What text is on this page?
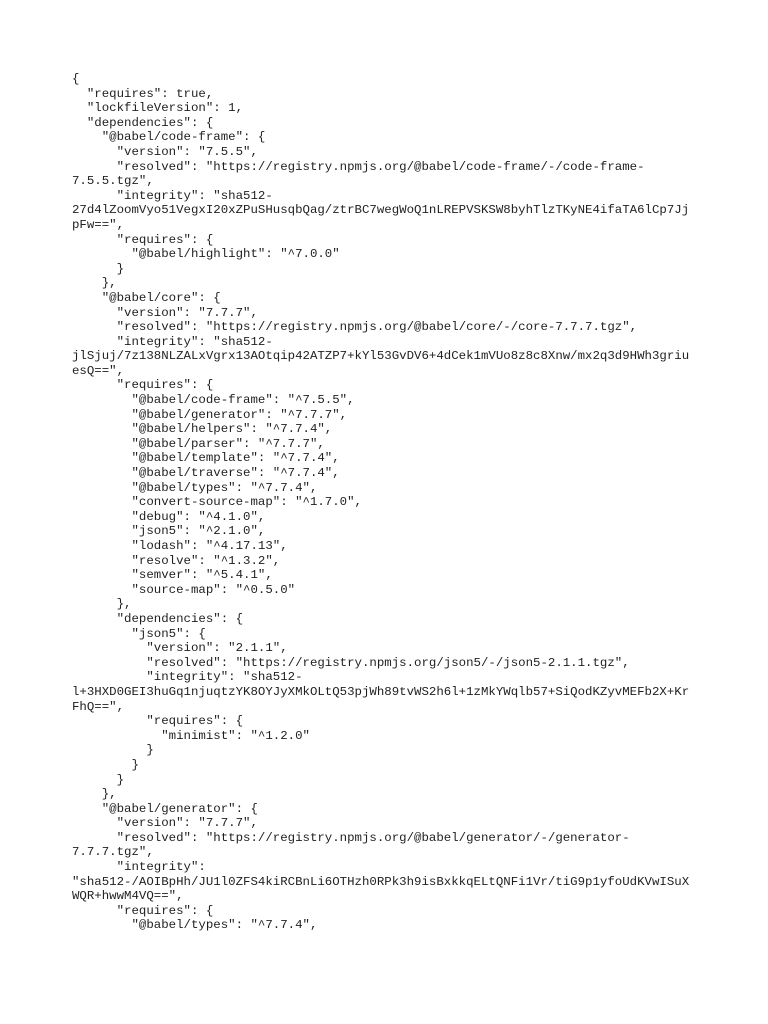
{
"requires": true,
"lockfileVersion": 1,
"dependencies": {
"@babel/code-frame": {
"version": "7.5.5",
"resolved": "https://registry.npmjs.org/@babel/code-frame/-/code-frame-
7.5.5.tgz",
"integrity": "sha512-
27d4lZoomVyo51VegxI20xZPuSHusqbQag/ztrBC7wegWoQ1nLREPVSKSW8byhTlzTKyNE4ifaTA6lCp7Jj
pFw==",
"requires": {
"@babel/highlight": "^7.0.0"
}
},
"@babel/core": {
"version": "7.7.7",
"resolved": "https://registry.npmjs.org/@babel/core/-/core-7.7.7.tgz",
"integrity": "sha512-
jlSjuj/7z138NLZALxVgrx13AOtqip42ATZP7+kYl53GvDV6+4dCek1mVUo8z8c8Xnw/mx2q3d9HWh3griu
esQ==",
"requires": {
"@babel/code-frame": "^7.5.5",
"@babel/generator": "^7.7.7",
"@babel/helpers": "^7.7.4",
"@babel/parser": "^7.7.7",
"@babel/template": "^7.7.4",
"@babel/traverse": "^7.7.4",
"@babel/types": "^7.7.4",
"convert-source-map": "^1.7.0",
"debug": "^4.1.0",
"json5": "^2.1.0",
"lodash": "^4.17.13",
"resolve": "^1.3.2",
"semver": "^5.4.1",
"source-map": "^0.5.0"
},
"dependencies": {
"json5": {
"version": "2.1.1",
"resolved": "https://registry.npmjs.org/json5/-/json5-2.1.1.tgz",
"integrity": "sha512-
l+3HXD0GEI3huGq1njuqtzYK8OYJyXMkOLtQ53pjWh89tvWS2h6l+1zMkYWqlb57+SiQodKZyvMEFb2X+Kr
FhQ==",
"requires": {
"minimist": "^1.2.0"
}
}
}
},
"@babel/generator": {
"version": "7.7.7",
"resolved": "https://registry.npmjs.org/@babel/generator/-/generator-
7.7.7.tgz",
"integrity":
"sha512-/AOIBpHh/JU1l0ZFS4kiRCBnLi6OTHzh0RPk3h9isBxkkqELtQNFi1Vr/tiG9p1yfoUdKVwISuX
WQR+hwwM4VQ==",
"requires": {
"@babel/types": "^7.7.4",
